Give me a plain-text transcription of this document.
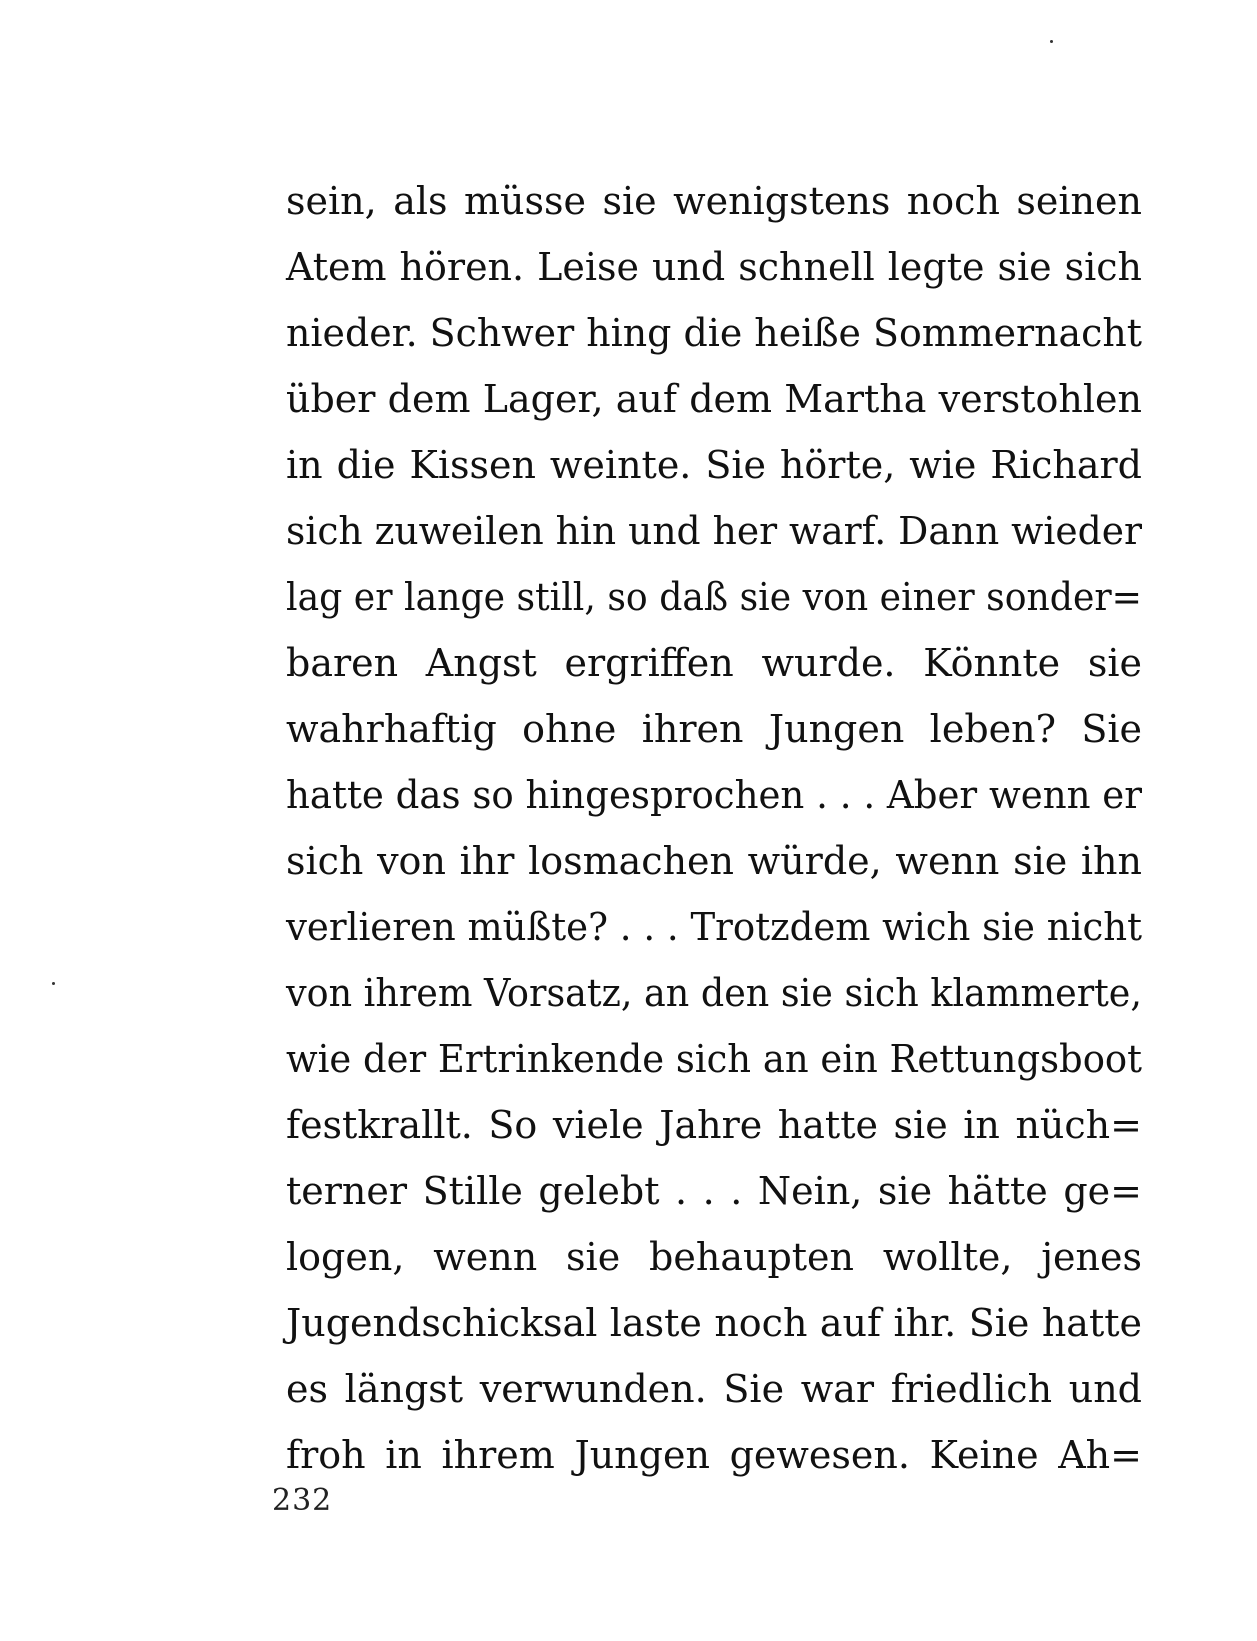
sein, als müsse sie wenigstens noch seinen
Atem hören. Leise und schnell legte sie sich
nieder. Schwer hing die heiße Sommernacht
über dem Lager, auf dem Martha verstohlen
in die Kissen weinte. Sie hörte, wie Richard
sich zuweilen hin und her warf. Dann wieder
lag er lange still, so daß sie von einer sonder=
baren Angst ergriffen wurde. Könnte sie
wahrhaftig ohne ihren Jungen leben? Sie
hatte das so hingesprochen . . . Aber wenn er
sich von ihr losmachen würde, wenn sie ihn
verlieren müßte? . . . Trotzdem wich sie nicht
von ihrem Vorsatz, an den sie sich klammerte,
wie der Ertrinkende sich an ein Rettungsboot
festkrallt. So viele Jahre hatte sie in nüch=
terner Stille gelebt . . . Nein, sie hätte ge=
logen, wenn sie behaupten wollte, jenes
Jugendschicksal laste noch auf ihr. Sie hatte
es längst verwunden. Sie war friedlich und
froh in ihrem Jungen gewesen. Keine Ah=
232
